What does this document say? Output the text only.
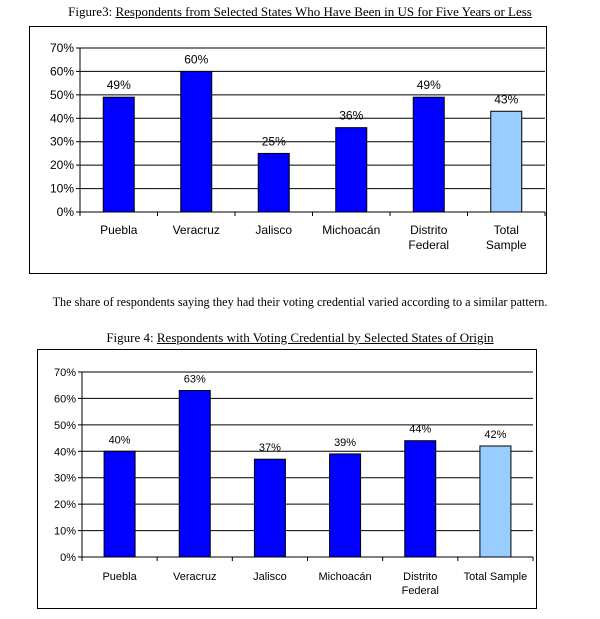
Figure3: Respondents from Selected States Who Have Been in US for Five Years or Less
0%
10%
20%
30%
40%
50%
60%
70%
49%
Puebla
60%
Veracruz
25%
Jalisco
36%
Michoacán
49%
Distrito
Federal
43%
Total
Sample
The share of respondents saying they had their voting credential varied according to a similar pattern.
Figure 4: Respondents with Voting Credential by Selected States of Origin
0%
10%
20%
30%
40%
50%
60%
70%
40%
Puebla
63%
Veracruz
37%
Jalisco
39%
Michoacán
44%
Distrito
Federal
42%
Total Sample
